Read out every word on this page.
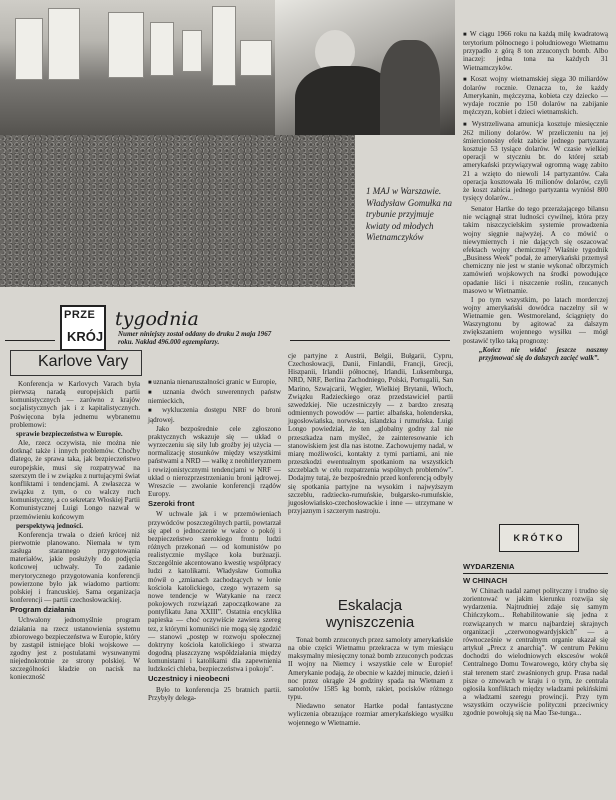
1 MAJ w Warszawie. Władysław Gomułka na trybunie przyjmuje kwiaty od młodych Wietnamczyków

■ W ciągu 1966 roku na każdą milę kwadratową terytorium północnego i południowego Wietnamu przypadło z górą 8 ton zrzuconych bomb. Albo inaczej: jedna tona na każdych 31 Wietnamczyków.

■ Koszt wojny wietnamskiej sięga 30 miliardów dolarów rocznie. Oznacza to, że każdy Amerykanin, mężczyzna, kobieta czy dziecko — wydaje rocznie po 150 dolarów na zabijanie mężczyzn, kobiet i dzieci wietnamskich.

■ Wystrzeliwana amunicja kosztuje miesięcznie 262 miliony dolarów. W przeliczeniu na jej śmiercionośny efekt zabicie jednego partyzanta kosztuje 53 tysiące dolarów. W czasie wielkiej operacji w styczniu br. do której sztab amerykański przywiązywał ogromną wagę zabito 21 a wzięto do niewoli 14 partyzantów. Cała operacja kosztowała 16 milionów dolarów, czyli że koszt zabicia jednego partyzanta wyniósł 800 tysięcy dolarów...

Senator Hartke do tego przerażającego bilansu nie wciągnął strat ludności cywilnej, która przy takim niszczycielskim systemie prowadzenia wojny sięgnie najwyżej. A co mówić o niewymiernych i nie dających się oszacować efektach wojny chemicznej? Właśnie tygodnik „Business Week” podał, że amerykański przemysł chemiczny nie jest w stanie wykonać olbrzymich zamówień wojskowych na środki powodujące opadanie liści i niszczenie roślin, rzucanych masowo w Wietnamie.

I po tym wszystkim, po latach morderczej wojny amerykański dowódca naczelny sił w Wietnamie gen. Westmoreland, ściągnięty do Waszyngtonu by agitować za dalszym zwiększaniem wojennego wysiłku — mógł postawić tylko taką prognozę:

„Kończ nie widać jeszcze naszmy przyjmować się do dalszych zacięć walk”.

PRZE
KRÓJ
tygodnia
Numer niniejszy został oddany do druku 2 maja 1967 roku. Nakład 496.000 egzemplarzy.
Karlove Vary

Konferencja w Karlovych Varach była pierwszą naradą europejskich partii komunistycznych — zarówno z krajów socjalistycznych jak i z kapitalistycznych. Poświęcona była jednemu wybranemu problemowi:

sprawie bezpieczeństwa w Europie.

Ale, rzecz oczywista, nie można nie dotknąć także i innych problemów. Choćby dlatego, że sprawa taka, jak bezpieczeństwo europejskie, musi się rozpatrywać na szerszym tle i w związku z nurtującymi świat konfliktami i tendencjami. A zwłaszcza w związku z tym, o co walczy ruch komunistyczny, a co sekretarz Włoskiej Partii Komunistycznej Luigi Longo nazwał w przemówieniu końcowym

perspektywą jedności.

Konferencja trwała o dzień krócej niż pierwotnie planowano. Niemała w tym zasługa starannego przygotowania materiałów, jakie posłużyły do podjęcia końcowej uchwały. To zadanie merytorycznego przygotowania konferencji powierzone było jak wiadomo partiom: polskiej i francuskiej. Sama organizacja konferencji — partii czechosłowackiej.

Program działania

Uchwalony jednomyślnie program działania na rzecz ustanowienia systemu zbiorowego bezpieczeństwa w Europie, który by zastąpił istniejące bloki wojskowe — zgodny jest z postulatami wysuwanymi niejednokrotnie ze strony polskiej. W szczególności kładzie on nacisk na konieczność

■ uznania nienaruszalności granic w Europie,

■ uznania dwóch suwerennych państw niemieckich,

■ wykluczenia dostępu NRF do broni jądrowej.

Jako bezpośrednie cele zgłoszono praktycznych wskazuje się — układ o wyrzeczeniu się siły lub groźby jej użycia — normalizację stosunków między wszystkimi państwami a NRD — walkę z neohitleryzmem i rewizjonistycznymi tendencjami w NRF — układ o nierozprzestrzenianiu broni jądrowej. Wreszcie — zwołanie konferencji rządów Europy.

Szeroki front

W uchwale jak i w przemówieniach przywódców poszczególnych partii, powtarzał się apel o jednoczenie w walce o pokój i bezpieczeństwo szerokiego frontu ludzi różnych przekonań — od komunistów po realistycznie myślące koła burżuazji. Szczególnie akcentowano kwestię współpracy ludzi z katolikami. Władysław Gomułka mówił o „zmianach zachodzących w łonie kościoła katolickiego, czego wyrazem są nowe tendencje w Watykanie na rzecz pokojowych rozwiązań zapoczątkowane za pontyfikatu Jana XXIII”. Ostatnia encyklika papieska — choć oczywiście zawiera szereg tez, z którymi komuniści nie mogą się zgodzić — stanowi „postęp w rozwoju społecznej doktryny kościoła katolickiego i stwarza dogodną płaszczyznę współdziałania między komunistami i katolikami dla zapewnienia ludzkości chleba, bezpieczeństwa i pokoju”.

Uczestnicy i nieobecni

Było to konferencja 25 bratnich partii. Przybyły delega-

cje partyjne z Austrii, Belgii, Bułgarii, Cypru, Czechosłowacji, Danii, Finlandii, Francji, Grecji, Hiszpanii, Irlandii północnej, Irlandii, Luksemburga, NRD, NRF, Berlina Zachodniego, Polski, Portugalii, San Marino, Szwajcarii, Węgier, Wielkiej Brytanii, Włoch, Związku Radzieckiego oraz przedstawiciel partii szwedzkiej. Nie uczestniczyły — z bardzo zresztą odmiennych powodów — partie: albańska, holenderska, jugosłowiańska, norweska, islandzka i rumuńska. Luigi Longo powiedział, że ten „globalny godny żal nie przeszkadza nam myśleć, że zainteresowanie ich stanowiskiem jest dla nas istotne. Zachowujemy nadal, w miarę możliwości, kontakty z tymi partiami, ani nie przeszkodzi ewentualnym spotkaniom na wszystkich szczeblach w celu rozpatrzenia wspólnych problemów”. Dodajmy tutaj, że bezpośrednio przed konferencją odbyły się spotkania partyjne na wysokim i najwyższym szczeblu, radziecko-rumuńskie, bułgarsko-rumuńskie, jugosłowiańsko-czechosłowackie i inne — utrzymane w przyjaznym i szczerym nastroju.

Eskalacja wyniszczenia

Tonaż bomb zrzuconych przez samoloty amerykańskie na obie części Wietnamu przekracza w tym miesiącu maksymalny miesięczny tonaż bomb zrzuconych podczas II wojny na Niemcy i wszystkie cele w Europie! Amerykanie podają, że obecnie w każdej minucie, dzień i noc przez okrągłe 24 godziny spada na Wietnam z samolotów 1585 kg bomb, rakiet, pocisków różnego typu.

Niedawno senator Hartke podał fantastyczne wyliczenia obrazujące rozmiar amerykańskiego wysiłku wojennego w Wietnamie.

KRÓTKO
WYDARZENIA
W CHINACH

W Chinach nadal zamęt polityczny i trudno się zorientować w jakim kierunku rozwija się wydarzenia. Najtrudniej zdaje się samym Chińczykom... Rehabilitowanie się jedna z rozwiązanych w marcu najbardziej skrajnych organizacji „czerwonogwardyjskich” — a równocześnie w centralnym organie ukazał się artykuł „Precz z anarchią”. W centrum Pekinu dochodzi do wielodniowych ekscesów wokół Centralnego Domu Towarowego, który chyba się stał terenem starć zwaśnionych grup. Prasa nadal pisze o zmowach w kraju i o tym, że centrala ogłosiła konfliktach między władzami pekińskimi a władzami szeregu prowincji. Przy tym wszystkim oczywiście polityczni przeciwnicy zgodnie powołują się na Mao Tse-tunga...
